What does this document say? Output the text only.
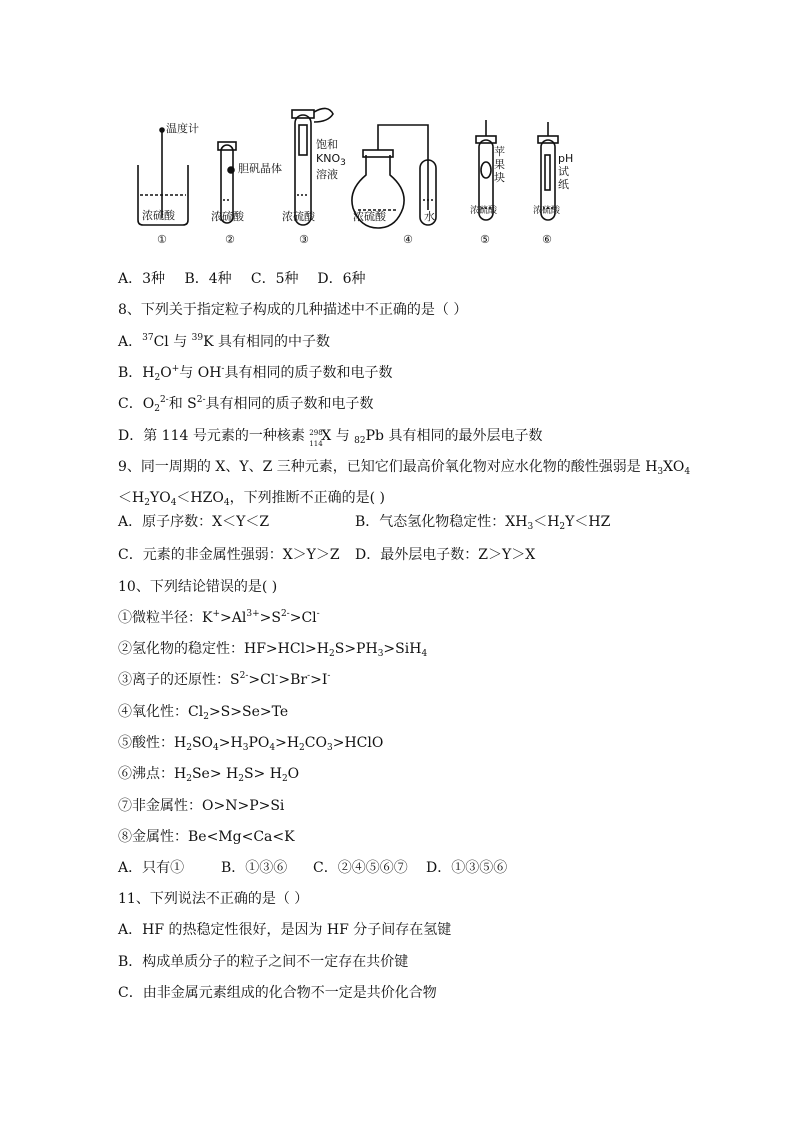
温度计
浓硫酸
胆矾晶体
浓硫酸
饱和
$KNO_3$
溶液
浓硫酸	浓硫酸	水
苹
果
块
浓硫酸
pH
试
纸
浓硫酸
①	②	③	④	⑤	⑥
A．3种 B．4种 C．5种 D．6种
8、下列关于指定粒子构成的几种描述中不正确的是（ ）
A．$^{37}$Cl 与 $^{39}$K 具有相同的中子数
B．$H_2O^+$与 OH-具有相同的质子数和电子数
C．$O_2^{2-}$和 $S^{2-}$具有相同的质子数和电子数
D．第 114 号元素的一种核素 298
114
X 与 $_{82}$Pb 具有相同的最外层电子数
9、同一周期的 X、Y、Z 三种元素，已知它们最高价氧化物对应水化物的酸性强弱是 $H_3XO_4$
$<H_2YO_4<HZO_4$，下列推断不正确的是( )
A．原子序数：X＜Y＜Z	B．气态氢化物稳定性：$XH_3<H_2Y<HZ$
C．元素的非金属性强弱：X＞Y＞Z D．最外层电子数：Z＞Y＞X
10、下列结论错误的是( )
①微粒半径：$K^+>Al^{3+}>S^{2-}>Cl^-$
②氢化物的稳定性：$HF>HCl>H_2S>PH_3>SiH_4$
③离子的还原性：$S^{2-}>Cl^->Br^->I^-$
④氧化性：$Cl_2>S>Se>Te$
⑤酸性：$H_2SO_4>H_3PO_4>H_2CO_3>HClO$
⑥沸点：$H_2Se> H_2S> H_2O$
⑦非金属性：O>N>P>Si
⑧金属性：Be<Mg<Ca<K
A．只有①	B．①③⑥ C．②④⑤⑥⑦ D．①③⑤⑥
11、下列说法不正确的是（ ）
A．HF 的热稳定性很好，是因为 HF 分子间存在氢键
B．构成单质分子的粒子之间不一定存在共价键
C．由非金属元素组成的化合物不一定是共价化合物
